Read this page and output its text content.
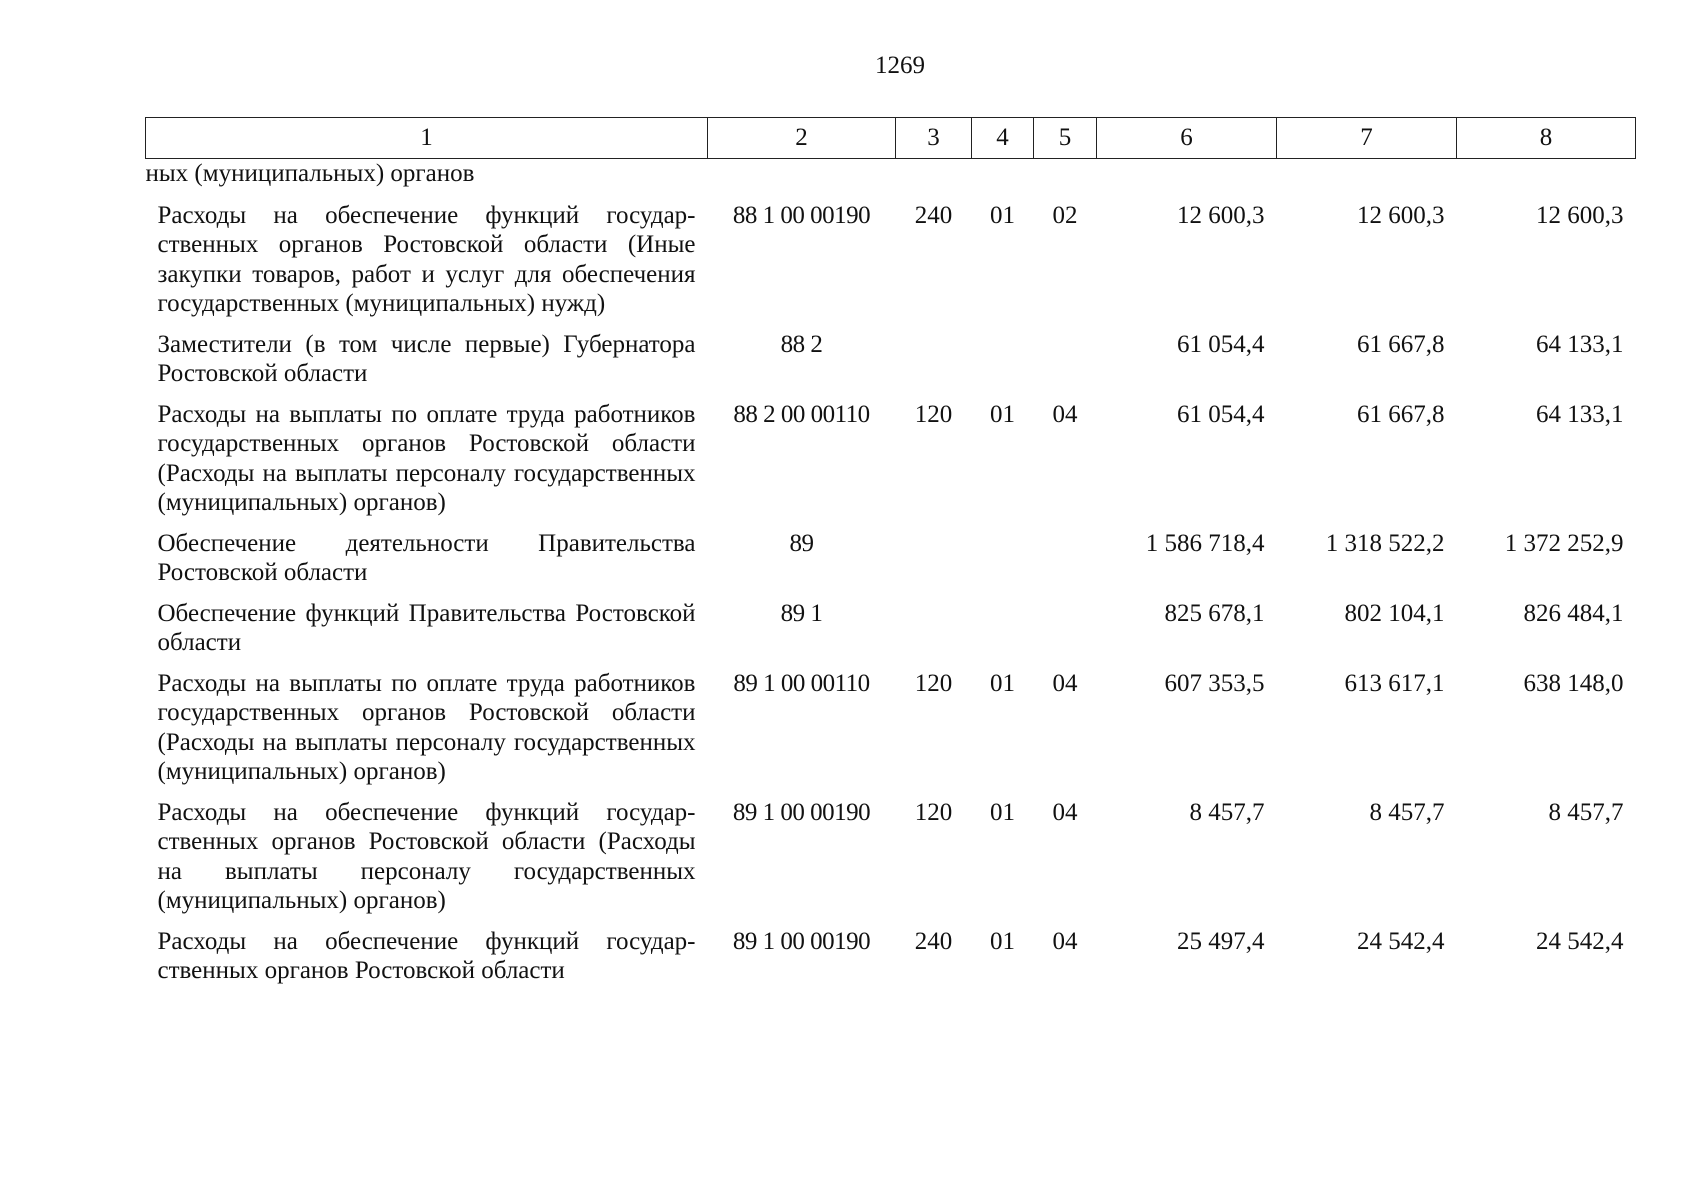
1269
1	2	3	4	5	6	7	8
ных (муниципальных) органов							
Расходы на обеспечение функций государственных органов Ростовской области (Иные закупки товаров, работ и услуг для обеспечения государственных (муниципальных) нужд)	88 1 00 00190	240	01	02	12 600,3	12 600,3	12 600,3
Заместители (в том числе первые) Губернатора Ростовской области	88 2				61 054,4	61 667,8	64 133,1
Расходы на выплаты по оплате труда работников государственных органов Ростовской области (Расходы на выплаты персоналу государственных (муниципальных) органов)	88 2 00 00110	120	01	04	61 054,4	61 667,8	64 133,1
Обеспечение деятельности Правительства Ростовской области	89				1 586 718,4	1 318 522,2	1 372 252,9
Обеспечение функций Правительства Ростовской области	89 1				825 678,1	802 104,1	826 484,1
Расходы на выплаты по оплате труда работников государственных органов Ростовской области (Расходы на выплаты персоналу государственных (муниципальных) органов)	89 1 00 00110	120	01	04	607 353,5	613 617,1	638 148,0
Расходы на обеспечение функций государственных органов Ростовской области (Расходы на выплаты персоналу государственных (муниципальных) органов)	89 1 00 00190	120	01	04	8 457,7	8 457,7	8 457,7
Расходы на обеспечение функций государственных органов Ростовской области	89 1 00 00190	240	01	04	25 497,4	24 542,4	24 542,4
